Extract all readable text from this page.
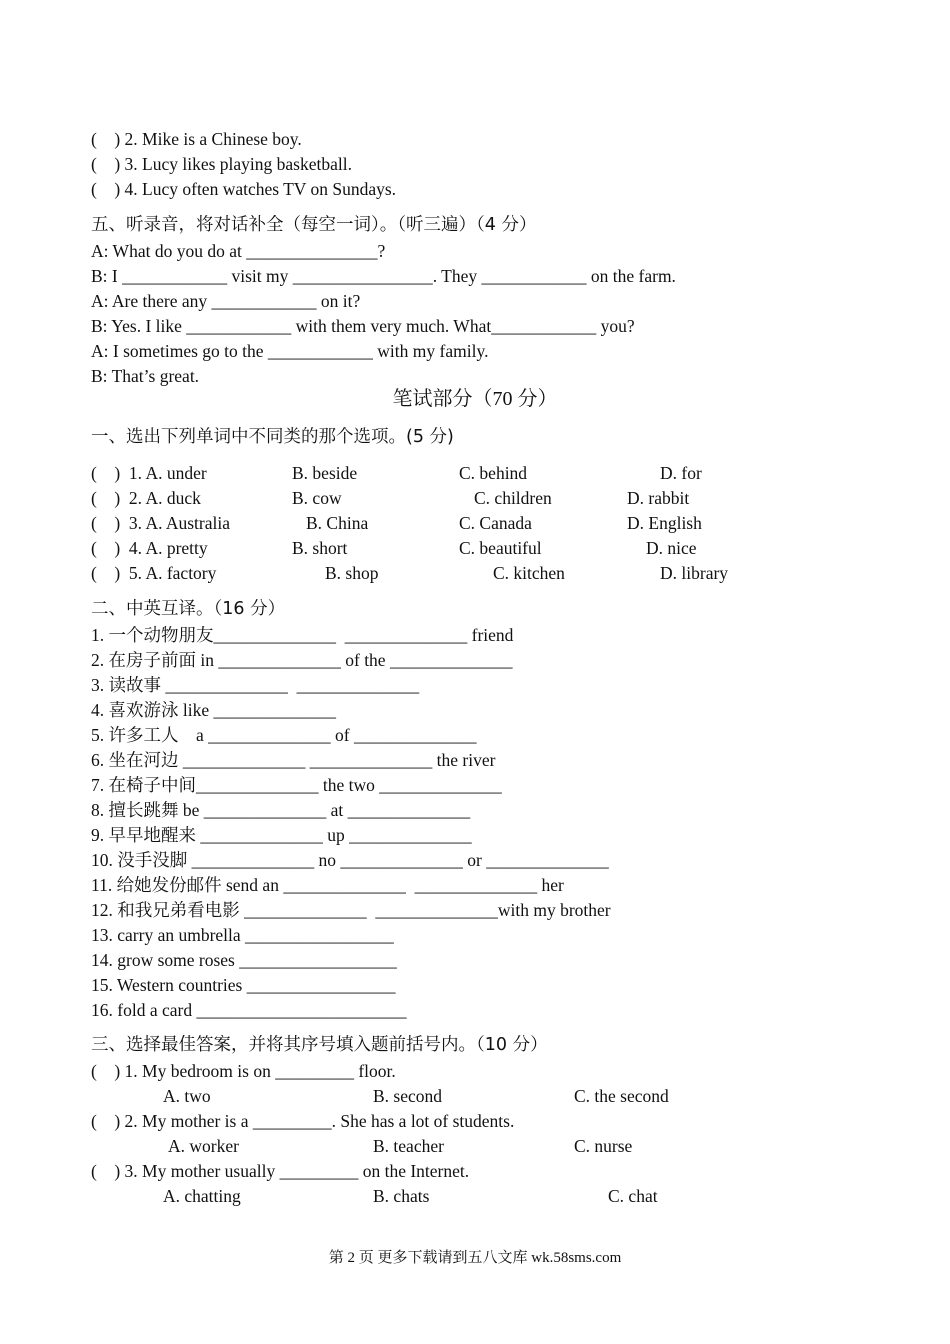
(    ) 2. Mike is a Chinese boy.
(    ) 3. Lucy likes playing basketball.
(    ) 4. Lucy often watches TV on Sundays.
五、听录音，将对话补全（每空一词）。（听三遍）（4 分）
A: What do you do at _______________?
B: I ____________ visit my ________________. They ____________ on the farm.
A: Are there any ____________ on it?
B: Yes. I like ____________ with them very much. What____________ you?
A: I sometimes go to the ____________ with my family.
B: That’s great.
笔试部分（70 分）
一、选出下列单词中不同类的那个选项。(5 分)
(    )  1. A. under	B. beside	C. behind	D. for
(    )  2. A. duck	B. cow	C. children	D. rabbit
(    )  3. A. Australia	B. China	C. Canada	D. English
(    )  4. A. pretty	B. short	C. beautiful	D. nice
(    )  5. A. factory	B. shop	C. kitchen	D. library
二、中英互译。（16 分）
1. 一个动物朋友______________  ______________ friend
2. 在房子前面 in ______________ of the ______________
3. 读故事 ______________  ______________
4. 喜欢游泳 like ______________
5. 许多工人    a ______________ of ______________
6. 坐在河边 ______________ ______________ the river
7. 在椅子中间______________ the two ______________
8. 擅长跳舞 be ______________ at ______________
9. 早早地醒来 ______________ up ______________
10. 没手没脚 ______________ no ______________ or ______________
11. 给她发份邮件 send an ______________  ______________ her
12. 和我兄弟看电影 ______________  ______________with my brother
13. carry an umbrella _________________
14. grow some roses __________________
15. Western countries _________________
16. fold a card ________________________
三、选择最佳答案，并将其序号填入题前括号内。（10 分）
(    ) 1. My bedroom is on _________ floor.
A. two	B. second	C. the second
(    ) 2. My mother is a _________. She has a lot of students.
A. worker	B. teacher	C. nurse
(    ) 3. My mother usually _________ on the Internet.
A. chatting	B. chats	C. chat
第 2 页 更多下载请到五八文库 wk.58sms.com
